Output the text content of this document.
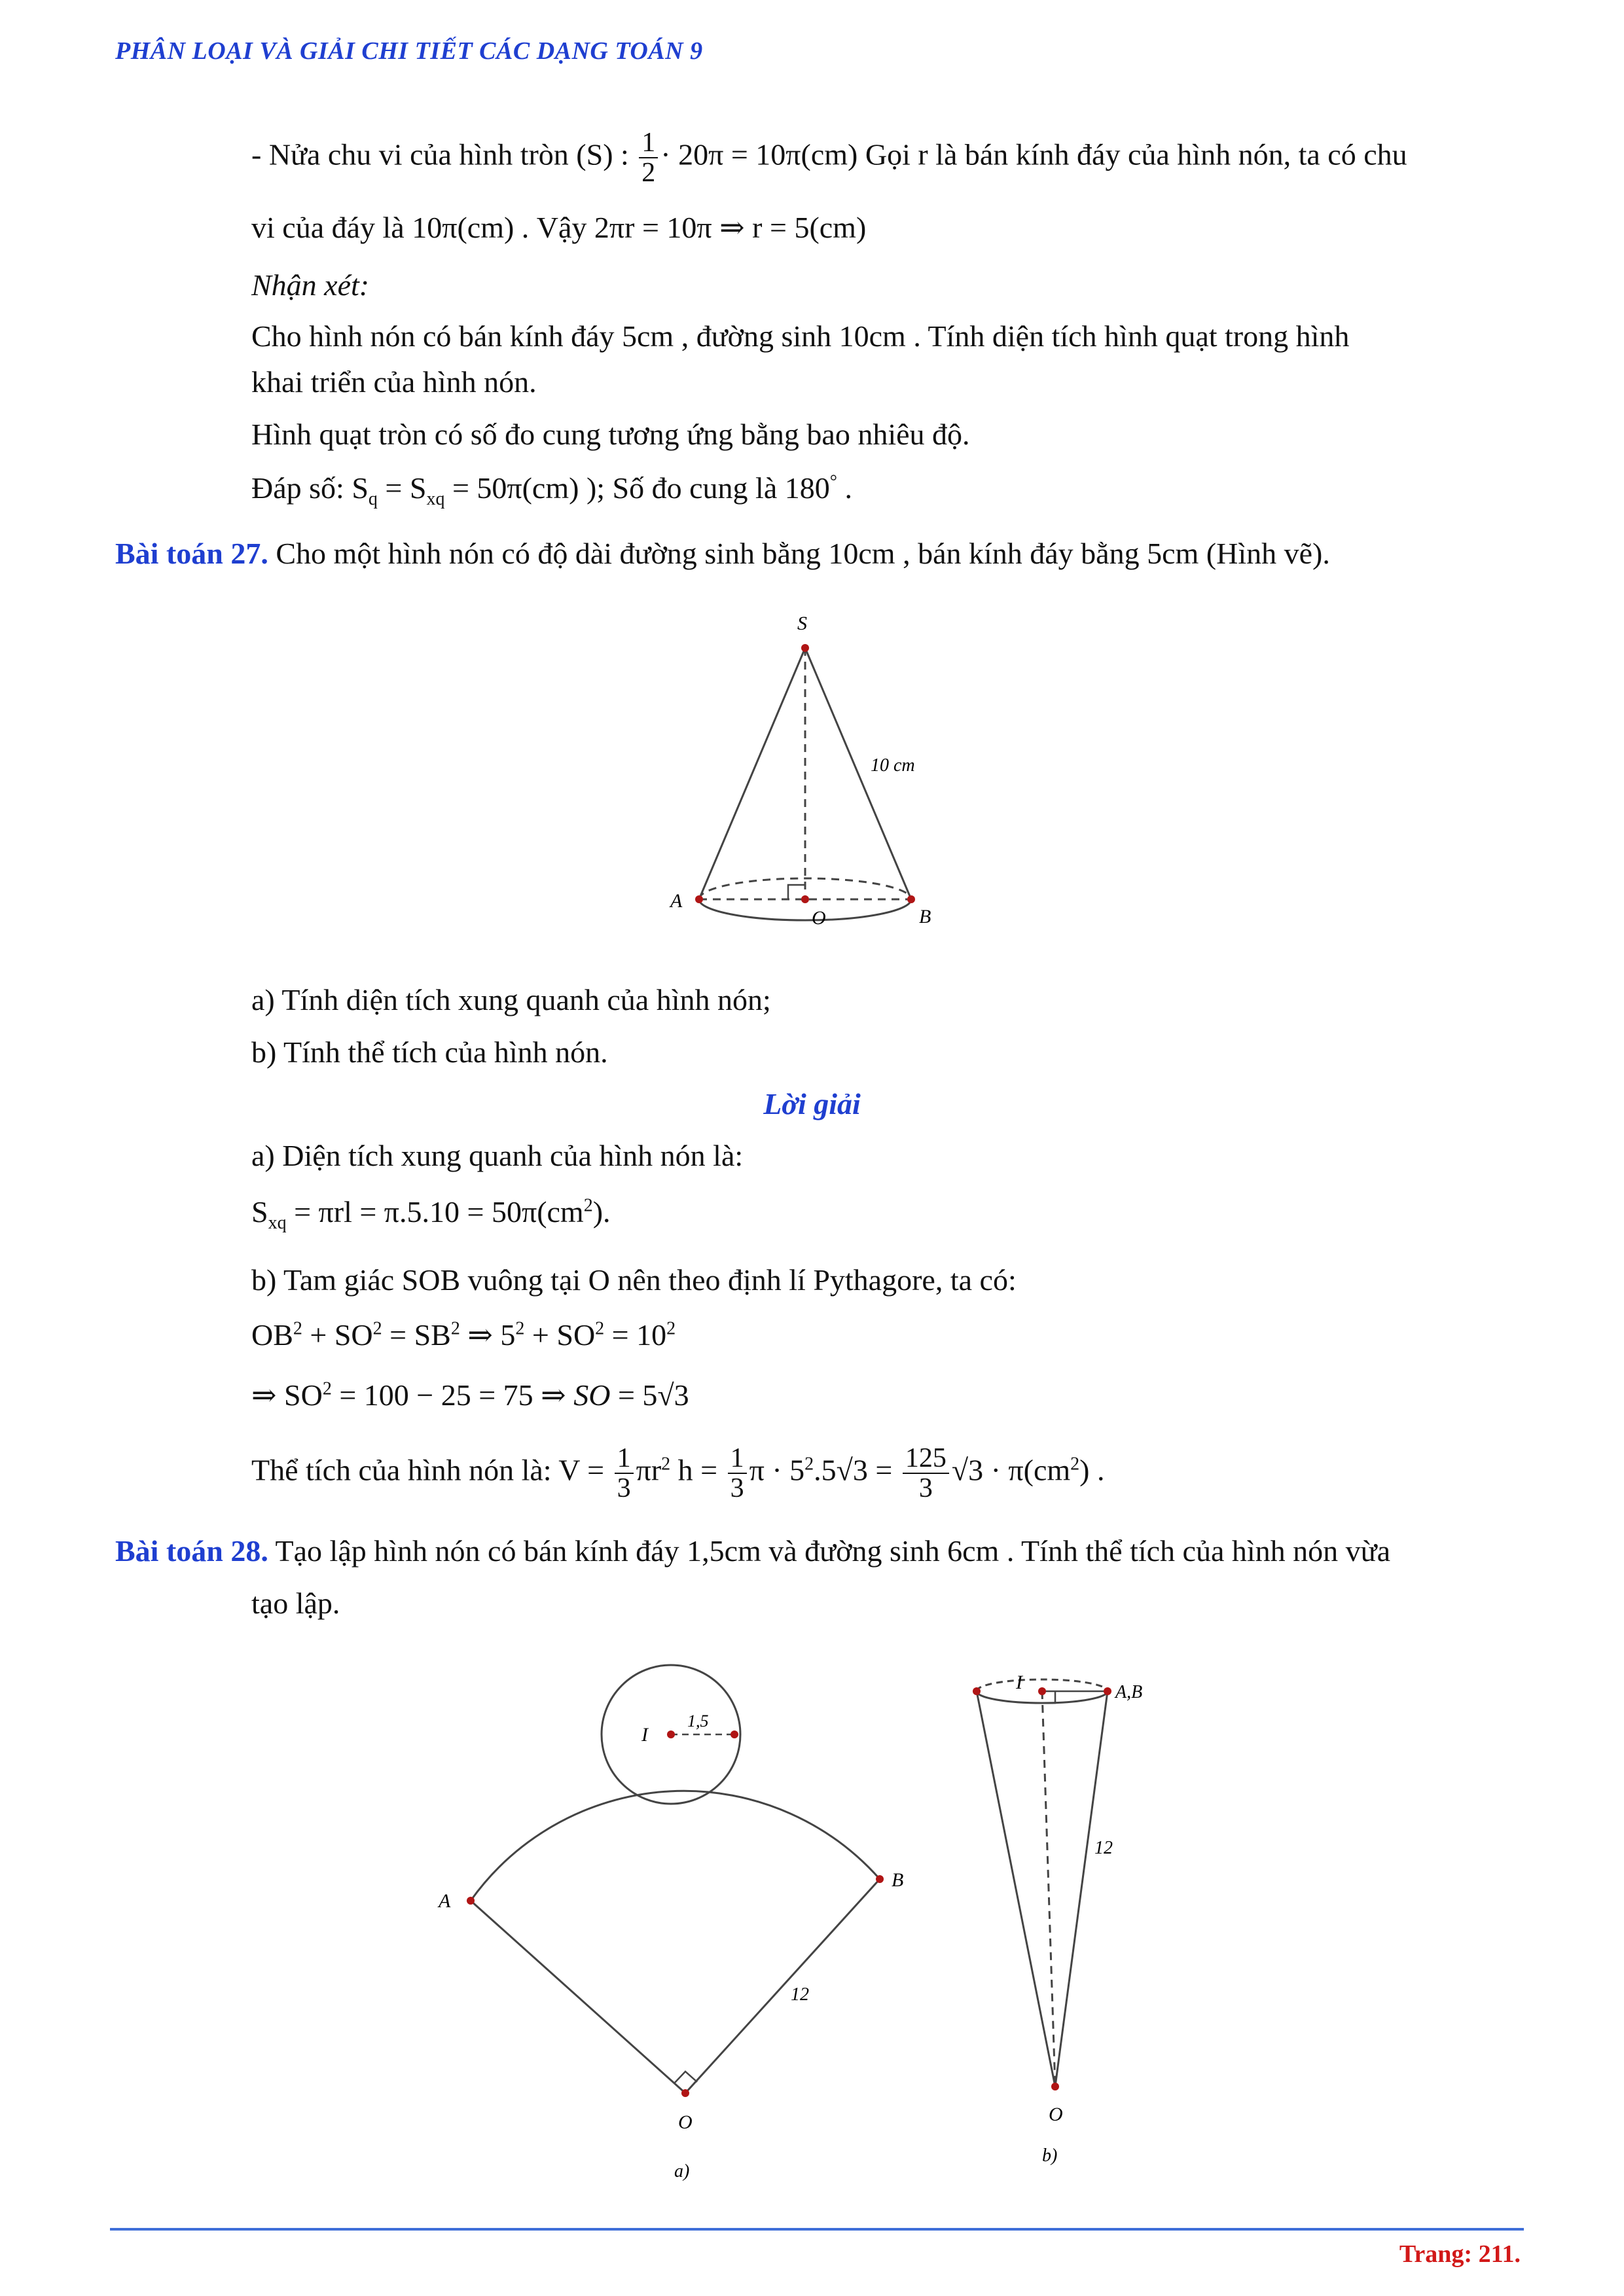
PHÂN LOẠI VÀ GIẢI CHI TIẾT CÁC DẠNG TOÁN 9
- Nửa chu vi của hình tròn (S) : $\frac{1}{2} \cdot 20\pi = 10\pi(cm)$ Gọi r là bán kính đáy của hình nón, ta có chu
vi của đáy là 10π(cm) . Vậy 2πr = 10π ⇒ r = 5(cm)
Nhận xét:
Cho hình nón có bán kính đáy 5cm , đường sinh 10cm . Tính diện tích hình quạt trong hình
khai triển của hình nón.
Hình quạt tròn có số đo cung tương ứng bằng bao nhiêu độ.
Đáp số: $S_q = S_{xq} = 50\pi(cm)$ ); Số đo cung là 180° .
Bài toán 27. Cho một hình nón có độ dài đường sinh bằng 10cm , bán kính đáy bằng 5cm (Hình vẽ).
S
A
B
O
10 cm
a) Tính diện tích xung quanh của hình nón;
b) Tính thể tích của hình nón.
Lời giải
a) Diện tích xung quanh của hình nón là:
$S_{xq} = \pi rl = \pi.5.10 = 50\pi(cm^2)$.
b) Tam giác SOB vuông tại O nên theo định lí Pythagore, ta có:
$OB^2 + SO^2 = SB^2$ ⇒ $5^2 + SO^2 = 10^2$
⇒ $SO^2 = 100 - 25 = 75$ ⇒ SO = 5√3
Thể tích của hình nón là: $V = \frac{1}{3} \pi r^2$ $h = \frac{1}{3}$ $\pi \cdot 5^2.5√3 = \frac{125}{3} √3 \cdot \pi(cm^2)$ .
Bài toán 28. Tạo lập hình nón có bán kính đáy 1,5cm và đường sinh 6cm . Tính thể tích của hình nón vừa
tạo lập.
I
1,5
A
B
O
12
a)
I	A,B
O
12
b)
Trang: 211.
